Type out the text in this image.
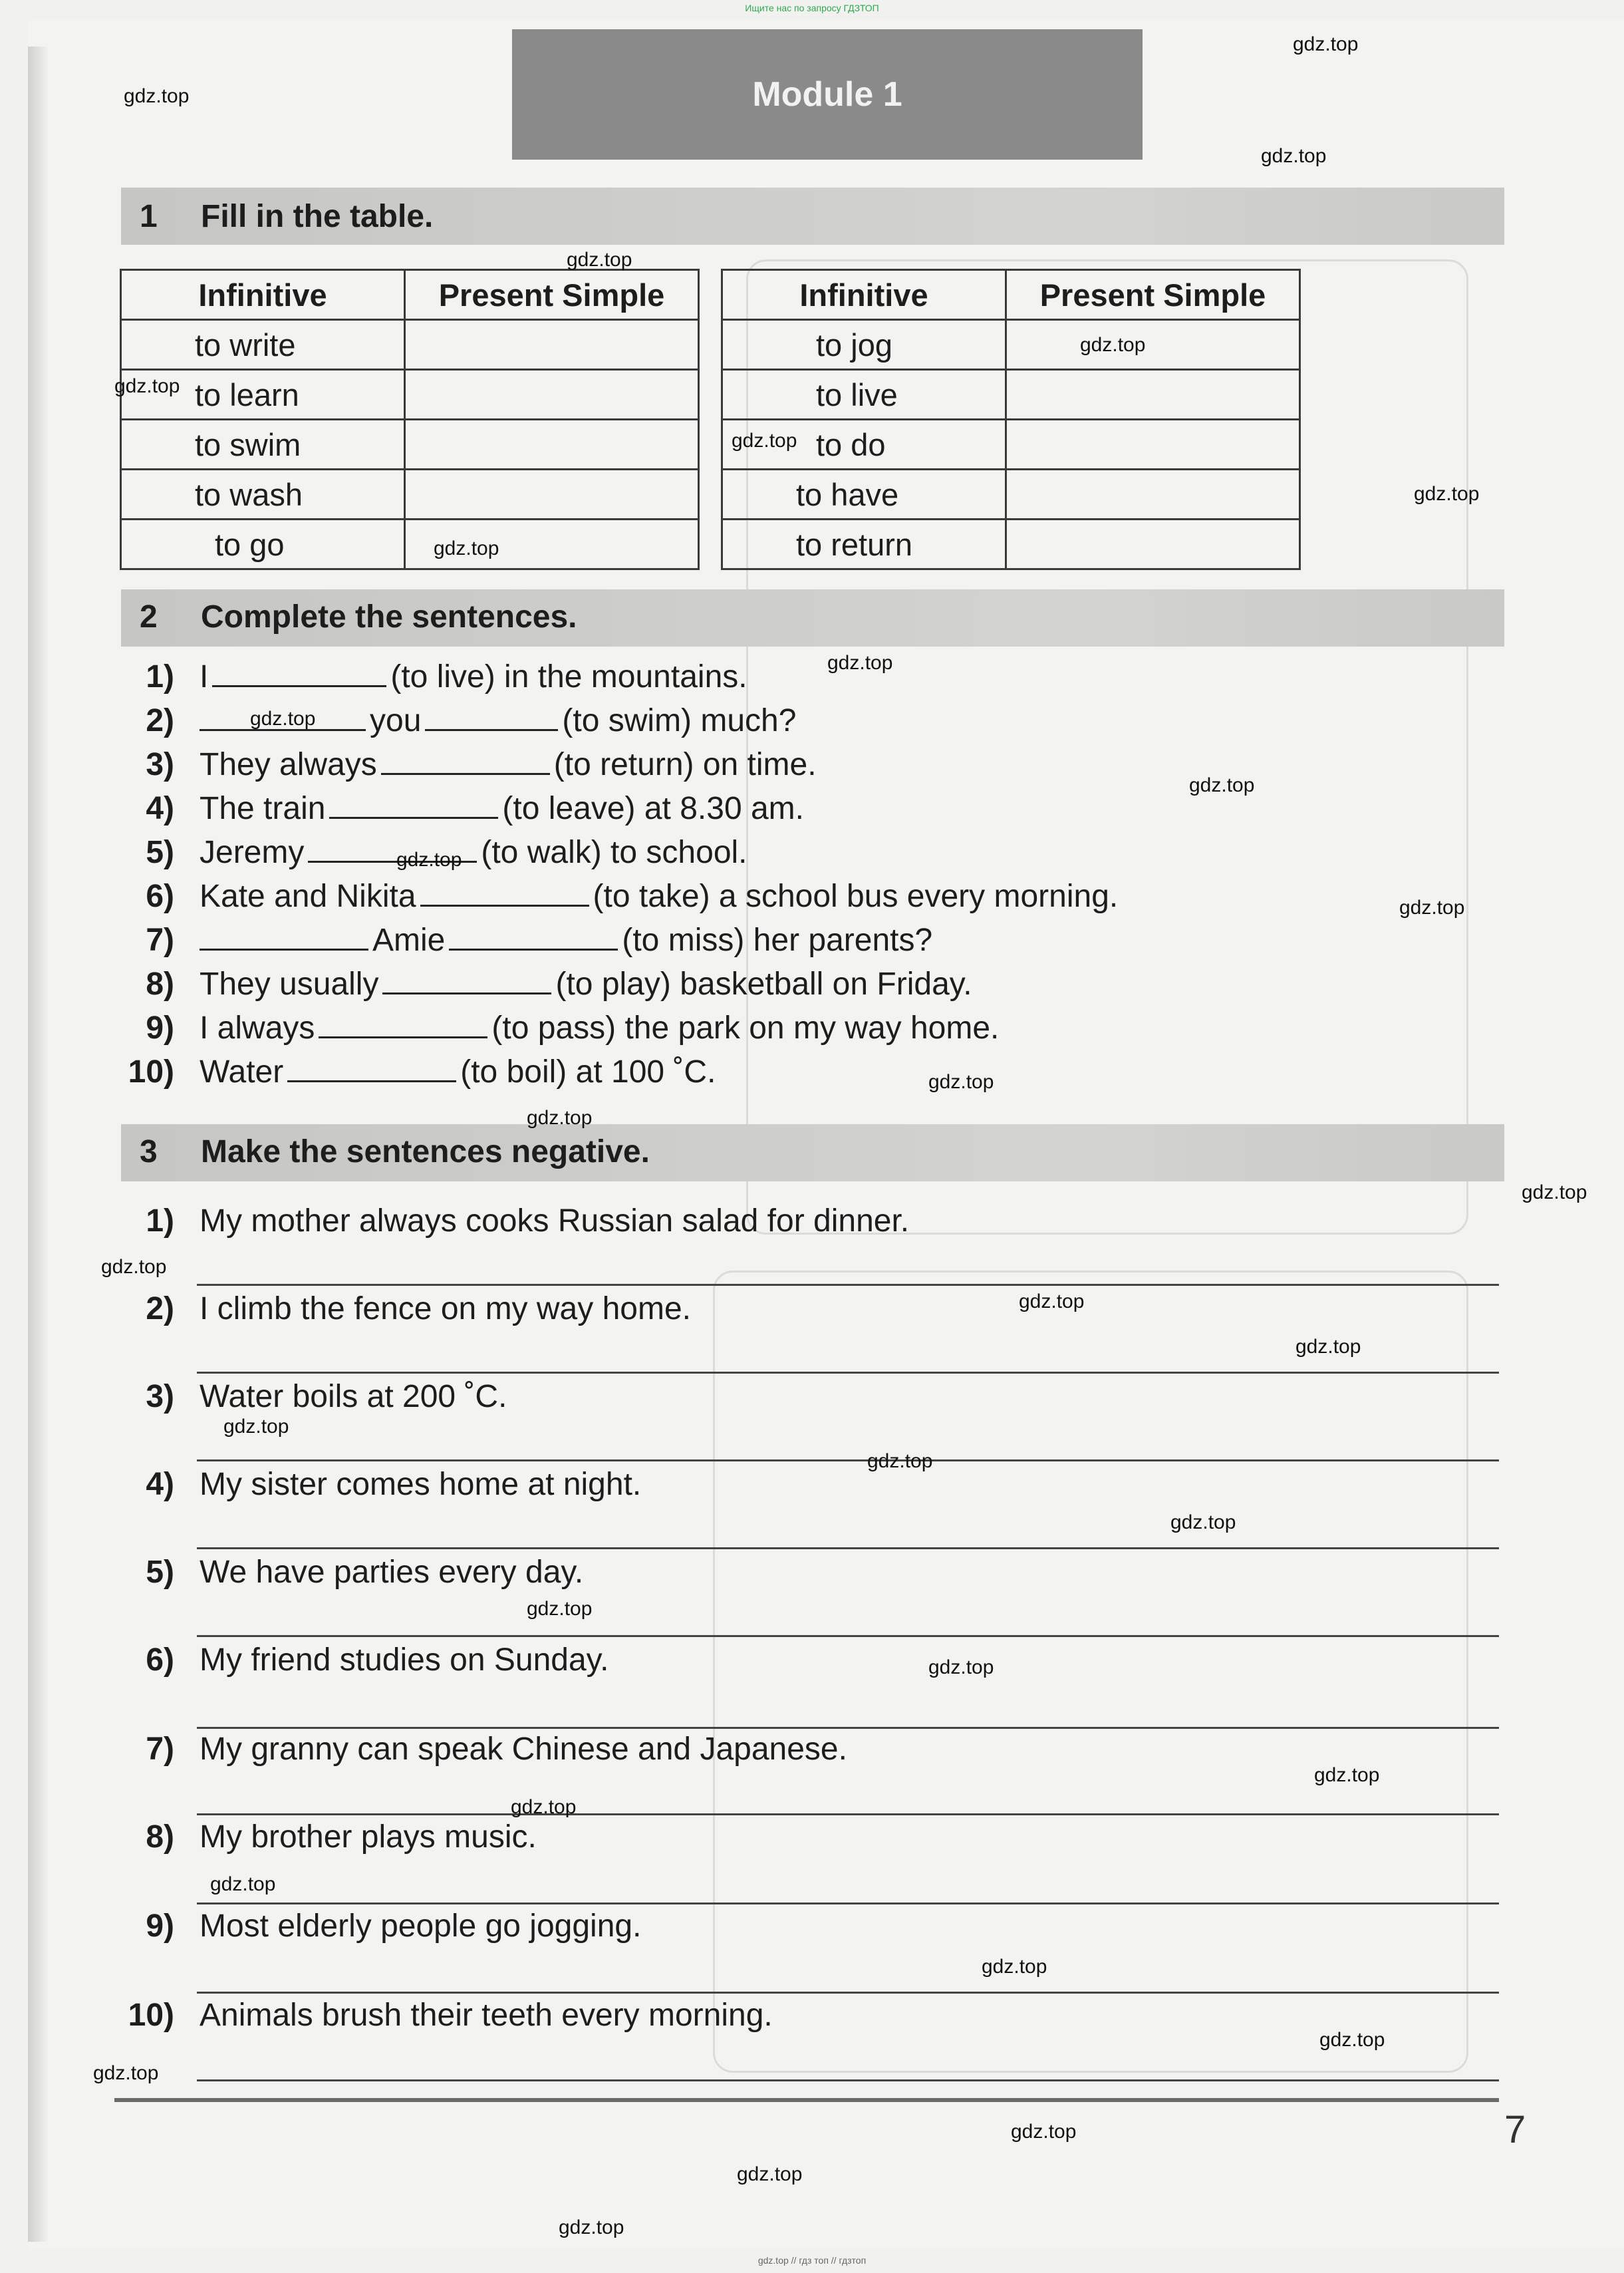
Ищите нас по запросу ГДЗТОП
Module 1
1 Fill in the table.
Infinitive	Present Simple
to write	
to learn	
to swim	
to wash	
to go	
Infinitive	Present Simple
to jog	
to live	
to do	
to have	
to return	
2 Complete the sentences.
1) I	(to live) in the mountains.
2)	you	(to swim) much?
3) They always	(to return) on time.
4) The train	(to leave) at 8.30 am.
5) Jeremy	(to walk) to school.
6) Kate and Nikita	(to take) a school bus every morning.
7)	Amie	(to miss) her parents?
8) They usually	(to play) basketball on Friday.
9) I always	(to pass) the park on my way home.
10) Water	(to boil) at 100 ˚C.
3 Make the sentences negative.
1) My mother always cooks Russian salad for dinner.
2) I climb the fence on my way home.
3) Water boils at 200 ˚C.
4) My sister comes home at night.
5) We have parties every day.
6) My friend studies on Sunday.
7) My granny can speak Chinese and Japanese.
8) My brother plays music.
9) Most elderly people go jogging.
10) Animals brush their teeth every morning.
7
gdz.top
gdz.top
gdz.top
gdz.top
gdz.top
gdz.top
gdz.top
gdz.top
gdz.top
gdz.top
gdz.top
gdz.top
gdz.top
gdz.top
gdz.top
gdz.top
gdz.top
gdz.top
gdz.top
gdz.top
gdz.top
gdz.top
gdz.top
gdz.top
gdz.top
gdz.top
gdz.top
gdz.top
gdz.top
gdz.top
gdz.top
gdz.top
gdz.top
gdz.top
gdz.top // гдз топ // гдзтоп
